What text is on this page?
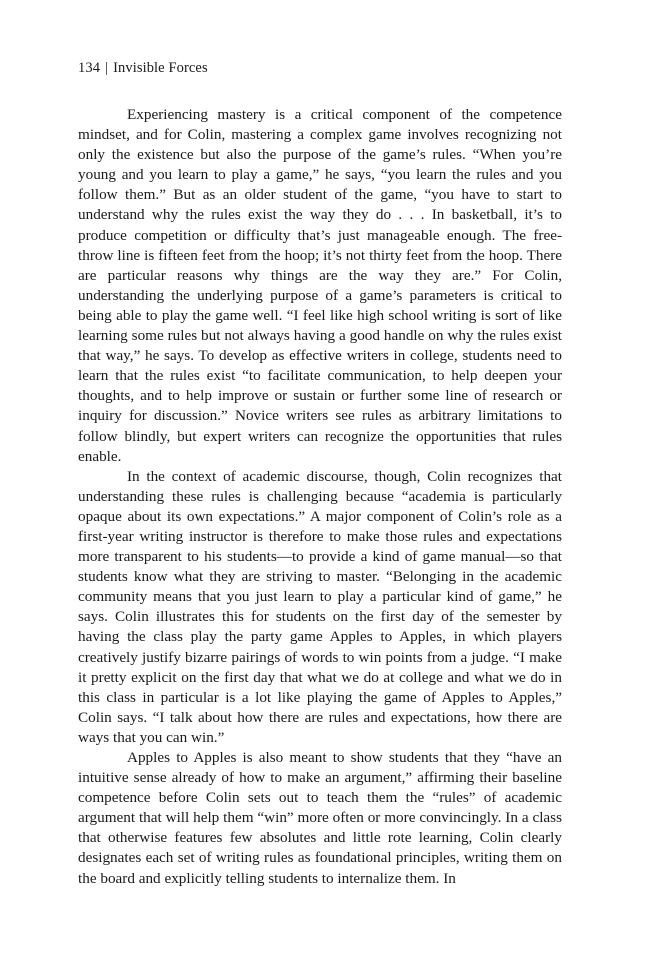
134 | Invisible Forces

Experiencing mastery is a critical component of the competence mindset, and for Colin, mastering a complex game involves recognizing not only the existence but also the purpose of the game’s rules. “When you’re young and you learn to play a game,” he says, “you learn the rules and you follow them.” But as an older student of the game, “you have to start to understand why the rules exist the way they do . . . In basketball, it’s to produce competition or difficulty that’s just manageable enough. The free-throw line is fifteen feet from the hoop; it’s not thirty feet from the hoop. There are particular reasons why things are the way they are.” For Colin, understanding the underlying purpose of a game’s parameters is critical to being able to play the game well. “I feel like high school writing is sort of like learning some rules but not always having a good handle on why the rules exist that way,” he says. To develop as effective writers in college, students need to learn that the rules exist “to facilitate communication, to help deepen your thoughts, and to help improve or sustain or further some line of research or inquiry for discussion.” Novice writers see rules as arbitrary limitations to follow blindly, but expert writers can recognize the opportunities that rules enable.

In the context of academic discourse, though, Colin recognizes that understanding these rules is challenging because “academia is particularly opaque about its own expectations.” A major component of Colin’s role as a first-year writing instructor is therefore to make those rules and expectations more transparent to his students—to provide a kind of game manual—so that students know what they are striving to master. “Belonging in the academic community means that you just learn to play a particular kind of game,” he says. Colin illustrates this for students on the first day of the semester by having the class play the party game Apples to Apples, in which players creatively justify bizarre pairings of words to win points from a judge. “I make it pretty explicit on the first day that what we do at college and what we do in this class in particular is a lot like playing the game of Apples to Apples,” Colin says. “I talk about how there are rules and expectations, how there are ways that you can win.”

Apples to Apples is also meant to show students that they “have an intuitive sense already of how to make an argument,” affirming their baseline competence before Colin sets out to teach them the “rules” of academic argument that will help them “win” more often or more convincingly. In a class that otherwise features few absolutes and little rote learning, Colin clearly designates each set of writing rules as foundational principles, writing them on the board and explicitly telling students to internalize them. In
